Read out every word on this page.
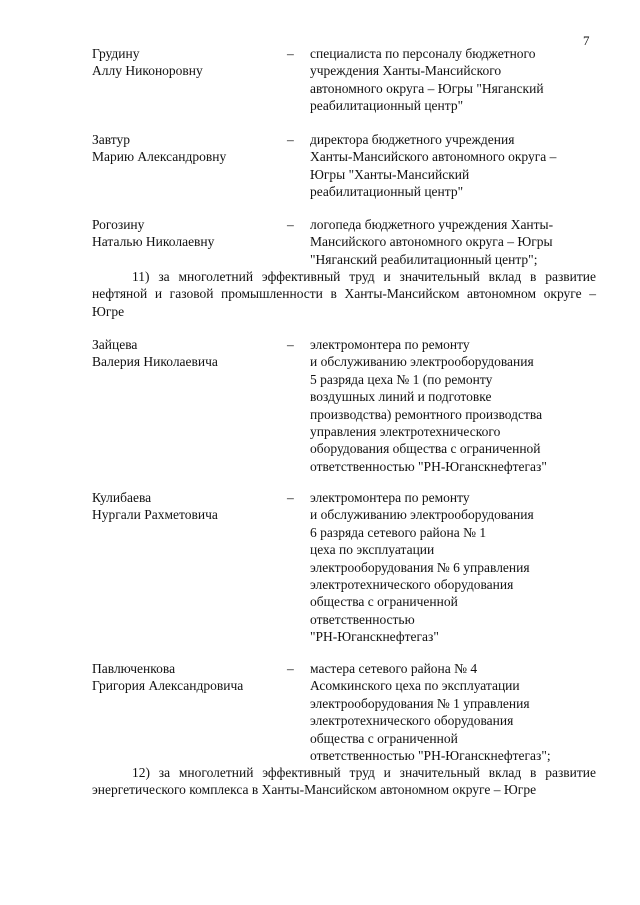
7
Грудину
Аллу Никоноровну
– специалиста по персоналу бюджетного
учреждения Ханты-Мансийского
автономного округа – Югры "Няганский
реабилитационный центр"
Завтур
Марию Александровну
– директора бюджетного учреждения
Ханты-Мансийского автономного округа –
Югры "Ханты-Мансийский
реабилитационный центр"
Рогозину
Наталью Николаевну
– логопеда бюджетного учреждения Ханты-
Мансийского автономного округа – Югры
"Няганский реабилитационный центр";
11) за многолетний эффективный труд и значительный вклад в развитие нефтяной и газовой промышленности в Ханты-Мансийском автономном округе – Югре
Зайцева
Валерия Николаевича
– электромонтера по ремонту
и обслуживанию электрооборудования
5 разряда цеха № 1 (по ремонту
воздушных линий и подготовке
производства) ремонтного производства
управления электротехнического
оборудования общества с ограниченной
ответственностью "РН-Юганскнефтегаз"
Кулибаева
Нургали Рахметовича
– электромонтера по ремонту
и обслуживанию электрооборудования
6 разряда сетевого района № 1
цеха по эксплуатации
электрооборудования № 6 управления
электротехнического оборудования
общества с ограниченной
ответственностью
"РН-Юганскнефтегаз"
Павлюченкова
Григория Александровича
– мастера сетевого района № 4
Асомкинского цеха по эксплуатации
электрооборудования № 1 управления
электротехнического оборудования
общества с ограниченной
ответственностью "РН-Юганскнефтегаз";
12) за многолетний эффективный труд и значительный вклад в развитие энергетического комплекса в Ханты-Мансийском автономном округе – Югре
